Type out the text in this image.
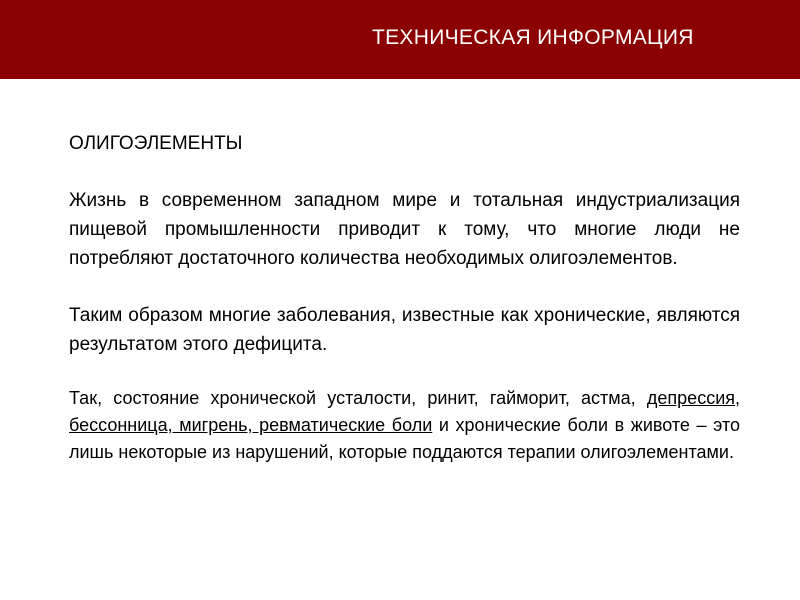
ТЕХНИЧЕСКАЯ ИНФОРМАЦИЯ
ОЛИГОЭЛЕМЕНТЫ

Жизнь в современном западном мире и тотальная индустриализация пищевой промышленности приводит к тому, что многие люди не потребляют достаточного количества необходимых олигоэлементов.

Таким образом многие заболевания, известные как хронические, являются результатом этого дефицита.

Так, состояние хронической усталости, ринит, гайморит, астма, депрессия, бессонница, мигрень, ревматические боли и хронические боли в животе – это лишь некоторые из нарушений, которые поддаются терапии олигоэлементами.
